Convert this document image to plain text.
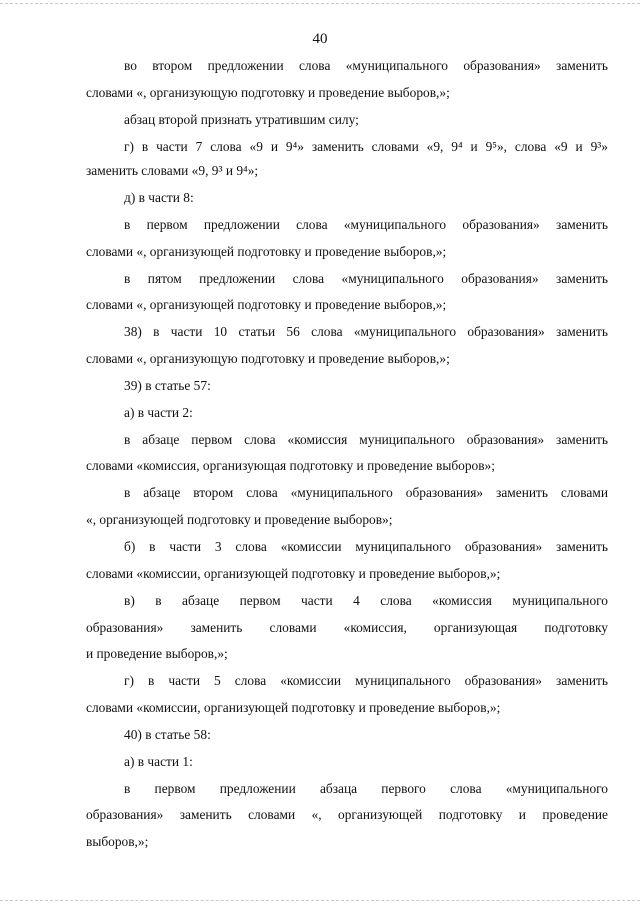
40
во втором предложении слова «муниципального образования» заменить
словами «, организующую подготовку и проведение выборов,»;
абзац второй признать утратившим силу;
г) в части 7 слова «9 и 9⁴» заменить словами «9, 9⁴ и 9⁵», слова «9 и 9³»
заменить словами «9, 9³ и 9⁴»;
д) в части 8:
в первом предложении слова «муниципального образования» заменить
словами «, организующей подготовку и проведение выборов,»;
в пятом предложении слова «муниципального образования» заменить
словами «, организующей подготовку и проведение выборов,»;
38) в части 10 статьи 56 слова «муниципального образования» заменить
словами «, организующую подготовку и проведение выборов,»;
39) в статье 57:
а) в части 2:
в абзаце первом слова «комиссия муниципального образования» заменить
словами «комиссия, организующая подготовку и проведение выборов»;
в абзаце втором слова «муниципального образования» заменить словами
«, организующей подготовку и проведение выборов»;
б) в части 3 слова «комиссии муниципального образования» заменить
словами «комиссии, организующей подготовку и проведение выборов,»;
в) в абзаце первом части 4 слова «комиссия муниципального
образования» заменить словами «комиссия, организующая подготовку
и проведение выборов,»;
г) в части 5 слова «комиссии муниципального образования» заменить
словами «комиссии, организующей подготовку и проведение выборов,»;
40) в статье 58:
а) в части 1:
в первом предложении абзаца первого слова «муниципального
образования» заменить словами «, организующей подготовку и проведение
выборов,»;
